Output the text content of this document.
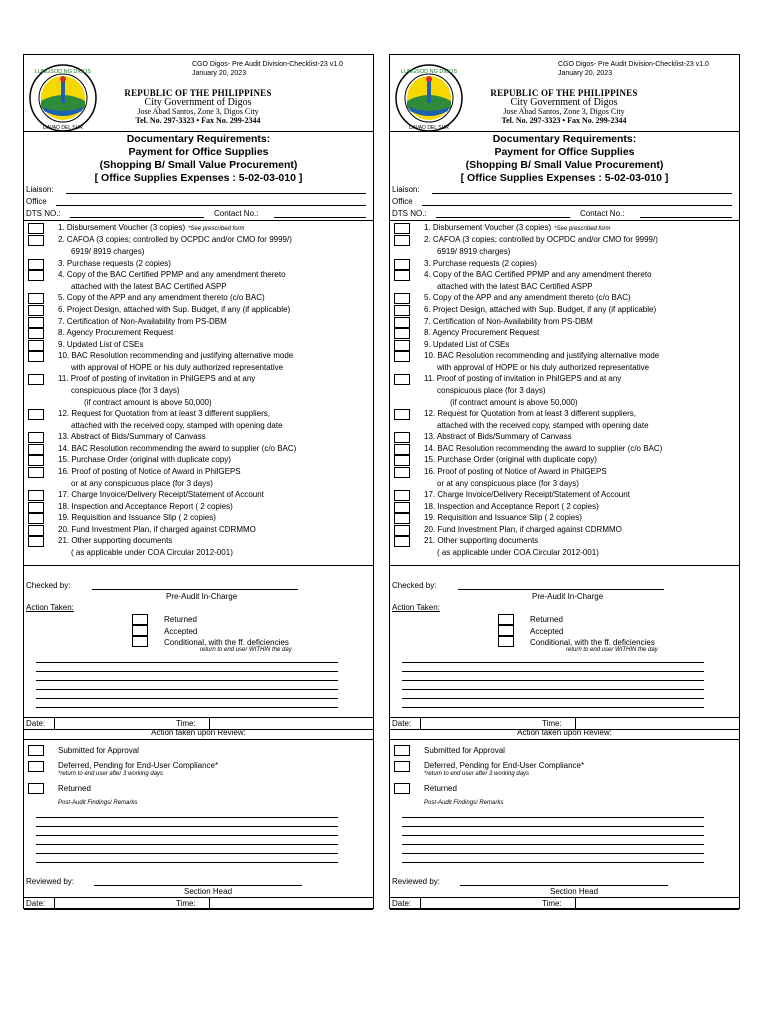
LUNGSOD NG DIGOS
DAVAO DEL SUR
CGO Digos- Pre Audit Division-Checklist-23 v1.0
January 20, 2023
REPUBLIC OF THE PHILIPPINES
City Government of Digos
Jose Abad Santos, Zone 3, Digos City
Tel. No. 297-3323 • Fax No. 299-2344
Documentary Requirements:
Payment for Office Supplies
(Shopping B/ Small Value Procurement)
[ Office Supplies Expenses : 5-02-03-010 ]
Liaison:
Office
DTS NO.:	Contact No.:
1. Disbursement Voucher (3 copies) *See prescribed form
2. CAFOA (3 copies; controlled by OCPDC and/or CMO for 9999/)
6919/ 8919 charges)
3. Purchase requests (2 copies)
4. Copy of the BAC Certified PPMP and any amendment thereto
attached with the latest BAC Certified ASPP
5. Copy of the APP and any amendment thereto (c/o BAC)
6. Project Design, attached with Sup. Budget, if any (if applicable)
7. Certification of Non-Availability from PS-DBM
8. Agency Procurement Request
9. Updated List of CSEs
10. BAC Resolution recommending and justifying alternative mode
with approval of HOPE or his duly authorized representative
11. Proof of posting of invitation in PhilGEPS and at any
conspicuous place (for 3 days)
(if contract amount is above 50,000)
12. Request for Quotation from at least 3 different suppliers,
attached with the received copy, stamped with opening date
13. Abstract of Bids/Summary of Canvass
14. BAC Resolution recommending the award to supplier (c/o BAC)
15. Purchase Order (original with duplicate copy)
16. Proof of posting of Notice of Award in PhilGEPS
or at any conspicuous place (for 3 days)
17. Charge Invoice/Delivery Receipt/Statement of Account
18. Inspection and Acceptance Report ( 2 copies)
19. Requisition and Issuance Slip ( 2 copies)
20. Fund Investment Plan, if charged against CDRMMO
21. Other supporting documents
( as applicable under COA Circular 2012-001)
Checked by:
Pre-Audit In-Charge
Action Taken:
Returned
Accepted
Conditional, with the ff. deficiencies
return to end user WITHIN the day
Date:	Time:
Action taken upon Review:
Submitted for Approval
Deferred, Pending for End-User Compliance*
*return to end user after 3 working days
Returned
Post-Audit Findings/ Remarks
Reviewed by:
Section Head
Date:	Time:
LUNGSOD NG DIGOS
DAVAO DEL SUR
CGO Digos- Pre Audit Division-Checklist-23 v1.0
January 20, 2023
REPUBLIC OF THE PHILIPPINES
City Government of Digos
Jose Abad Santos, Zone 3, Digos City
Tel. No. 297-3323 • Fax No. 299-2344
Documentary Requirements:
Payment for Office Supplies
(Shopping B/ Small Value Procurement)
[ Office Supplies Expenses : 5-02-03-010 ]
Liaison:
Office
DTS NO.:	Contact No.:
1. Disbursement Voucher (3 copies) *See prescribed form
2. CAFOA (3 copies; controlled by OCPDC and/or CMO for 9999/)
6919/ 8919 charges)
3. Purchase requests (2 copies)
4. Copy of the BAC Certified PPMP and any amendment thereto
attached with the latest BAC Certified ASPP
5. Copy of the APP and any amendment thereto (c/o BAC)
6. Project Design, attached with Sup. Budget, if any (if applicable)
7. Certification of Non-Availability from PS-DBM
8. Agency Procurement Request
9. Updated List of CSEs
10. BAC Resolution recommending and justifying alternative mode
with approval of HOPE or his duly authorized representative
11. Proof of posting of invitation in PhilGEPS and at any
conspicuous place (for 3 days)
(if contract amount is above 50,000)
12. Request for Quotation from at least 3 different suppliers,
attached with the received copy, stamped with opening date
13. Abstract of Bids/Summary of Canvass
14. BAC Resolution recommending the award to supplier (c/o BAC)
15. Purchase Order (original with duplicate copy)
16. Proof of posting of Notice of Award in PhilGEPS
or at any conspicuous place (for 3 days)
17. Charge Invoice/Delivery Receipt/Statement of Account
18. Inspection and Acceptance Report ( 2 copies)
19. Requisition and Issuance Slip ( 2 copies)
20. Fund Investment Plan, if charged against CDRMMO
21. Other supporting documents
( as applicable under COA Circular 2012-001)
Checked by:
Pre-Audit In-Charge
Action Taken:
Returned
Accepted
Conditional, with the ff. deficiencies
return to end user WITHIN the day
Date:	Time:
Action taken upon Review:
Submitted for Approval
Deferred, Pending for End-User Compliance*
*return to end user after 3 working days
Returned
Post-Audit Findings/ Remarks
Reviewed by:
Section Head
Date:	Time:
